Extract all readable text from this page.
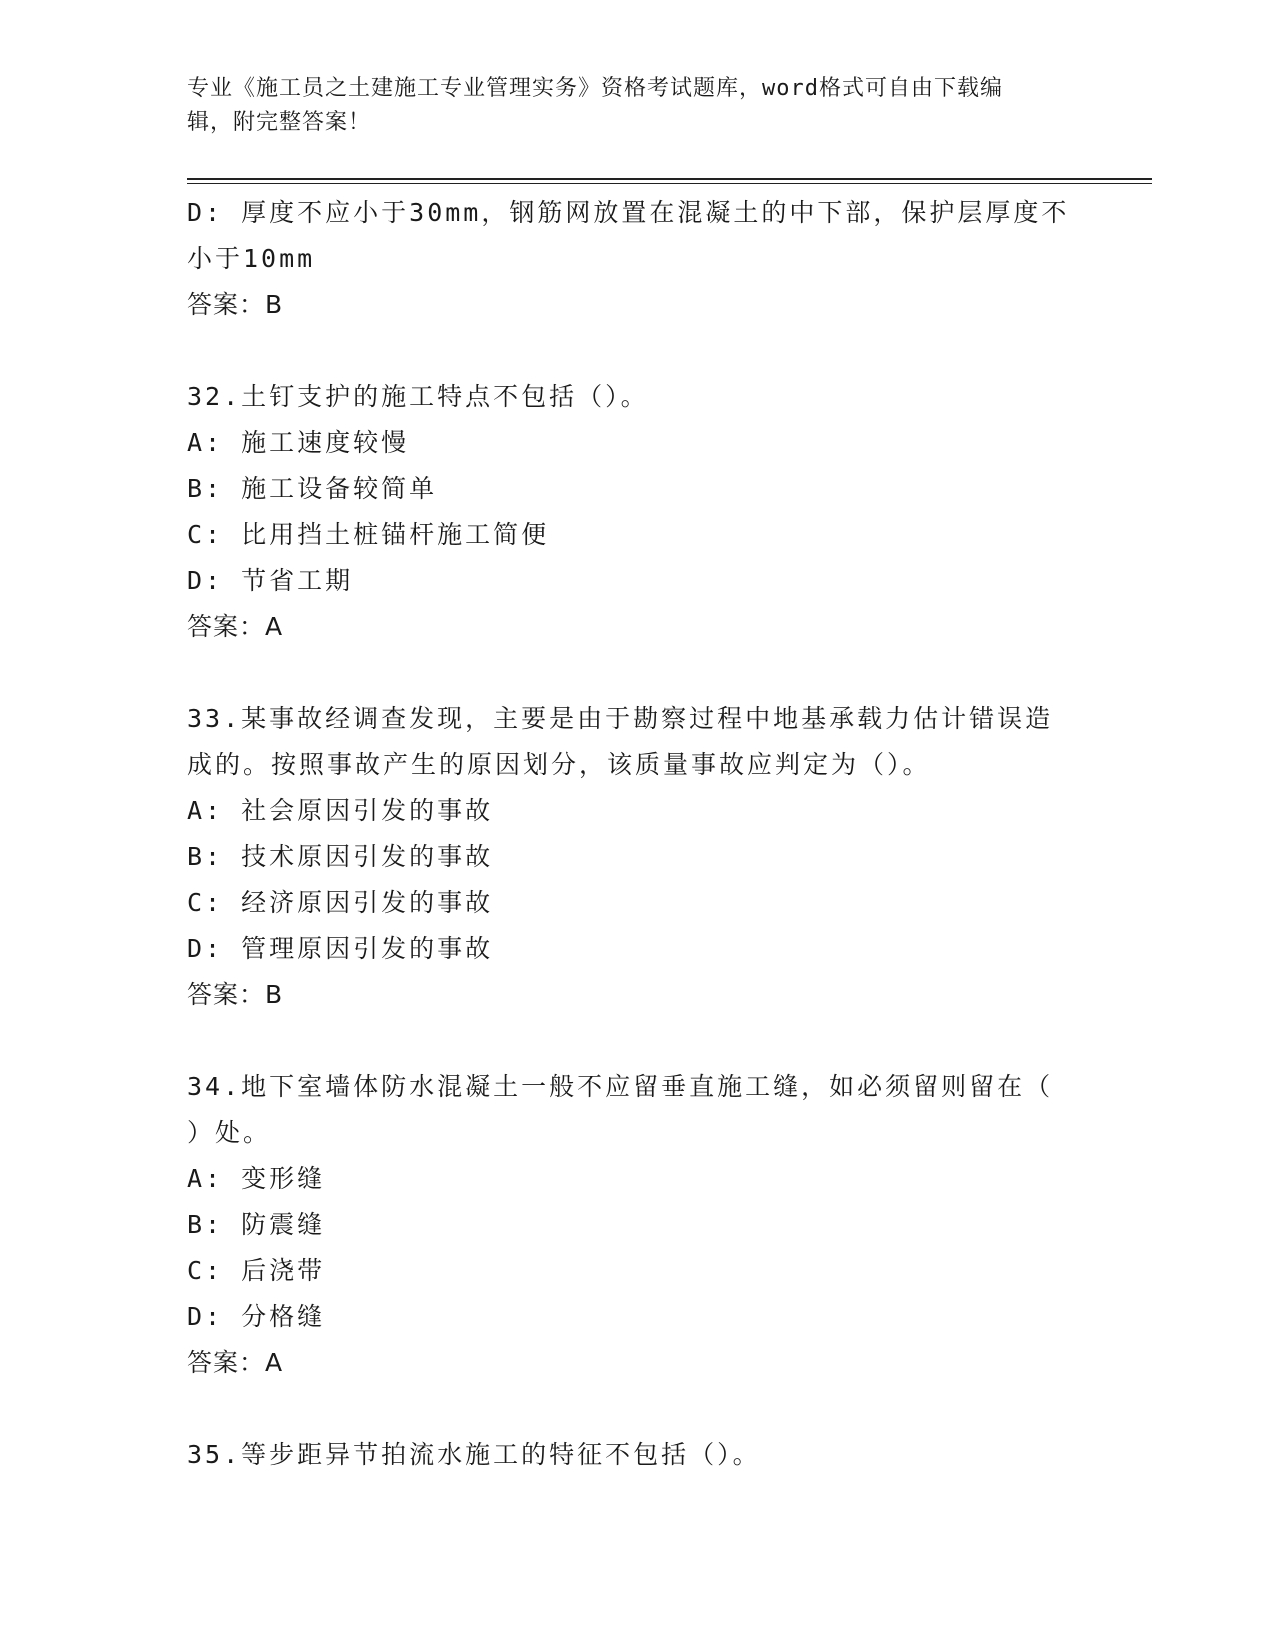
专业《施工员之土建施工专业管理实务》资格考试题库，word格式可自由下载编
辑，附完整答案！
D: 厚度不应小于30mm，钢筋网放置在混凝土的中下部，保护层厚度不
小于10mm
答案：B
32.土钉支护的施工特点不包括（）。
A: 施工速度较慢
B: 施工设备较简单
C: 比用挡土桩锚杆施工简便
D: 节省工期
答案：A
33.某事故经调查发现，主要是由于勘察过程中地基承载力估计错误造
成的。按照事故产生的原因划分，该质量事故应判定为（）。
A: 社会原因引发的事故
B: 技术原因引发的事故
C: 经济原因引发的事故
D: 管理原因引发的事故
答案：B
34.地下室墙体防水混凝土一般不应留垂直施工缝，如必须留则留在（
）处。
A: 变形缝
B: 防震缝
C: 后浇带
D: 分格缝
答案：A
35.等步距异节拍流水施工的特征不包括（）。
